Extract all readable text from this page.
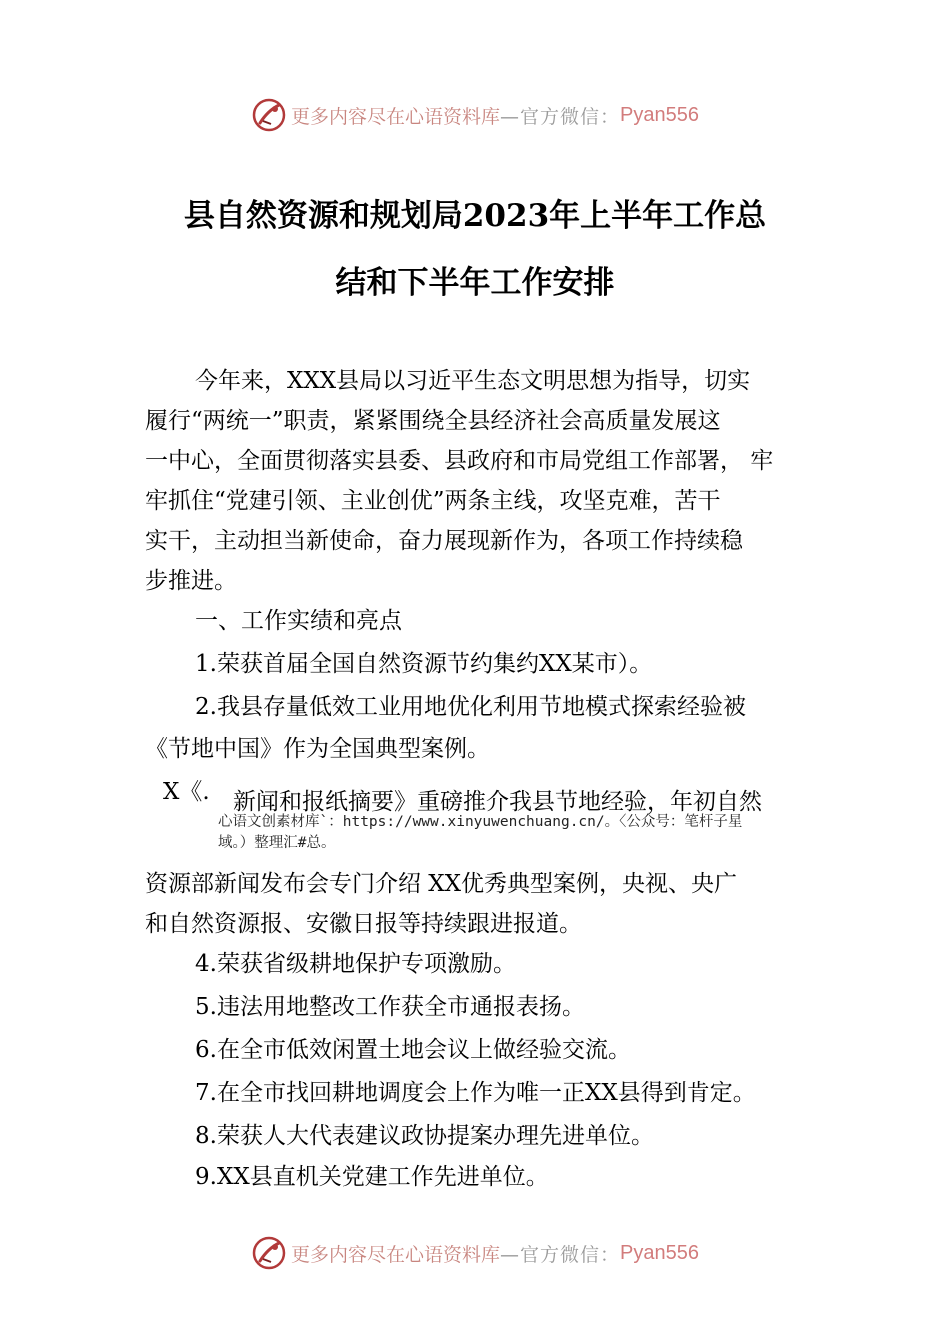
更多内容尽在心语资料库 —官方微信： Pyan556
县自然资源和规划局2023年上半年工作总
结和下半年工作安排

今年来，XXX县局以习近平生态文明思想为指导，切实

履行“两统一”职责，紧紧围绕全县经济社会高质量发展这

一中心，全面贯彻落实县委、县政府和市局党组工作部署， 牢

牢抓住“党建引领、主业创优”两条主线，攻坚克难，苦干

实干，主动担当新使命，奋力展现新作为，各项工作持续稳

步推进。

一、工作实绩和亮点

1.荣获首届全国自然资源节约集约XX某市）。

2.我县存量低效工业用地优化利用节地模式探索经验被

《节地中国》作为全国典型案例。

X《. 新闻和报纸摘要》重磅推介我县节地经验，年初自然

心语文创素材库`：https://www.xinyuwenchuang.cn/。〈公众号：笔杆子星

域。）整理汇#总。

资源部新闻发布会专门介绍 XX优秀典型案例，央视、央广

和自然资源报、安徽日报等持续跟进报道。

4.荣获省级耕地保护专项激励。

5.违法用地整改工作获全市通报表扬。

6.在全市低效闲置土地会议上做经验交流。

7.在全市找回耕地调度会上作为唯一正XX县得到肯定。

8.荣获人大代表建议政协提案办理先进单位。

9.XX县直机关党建工作先进单位。

更多内容尽在心语资料库 —官方微信： Pyan556
